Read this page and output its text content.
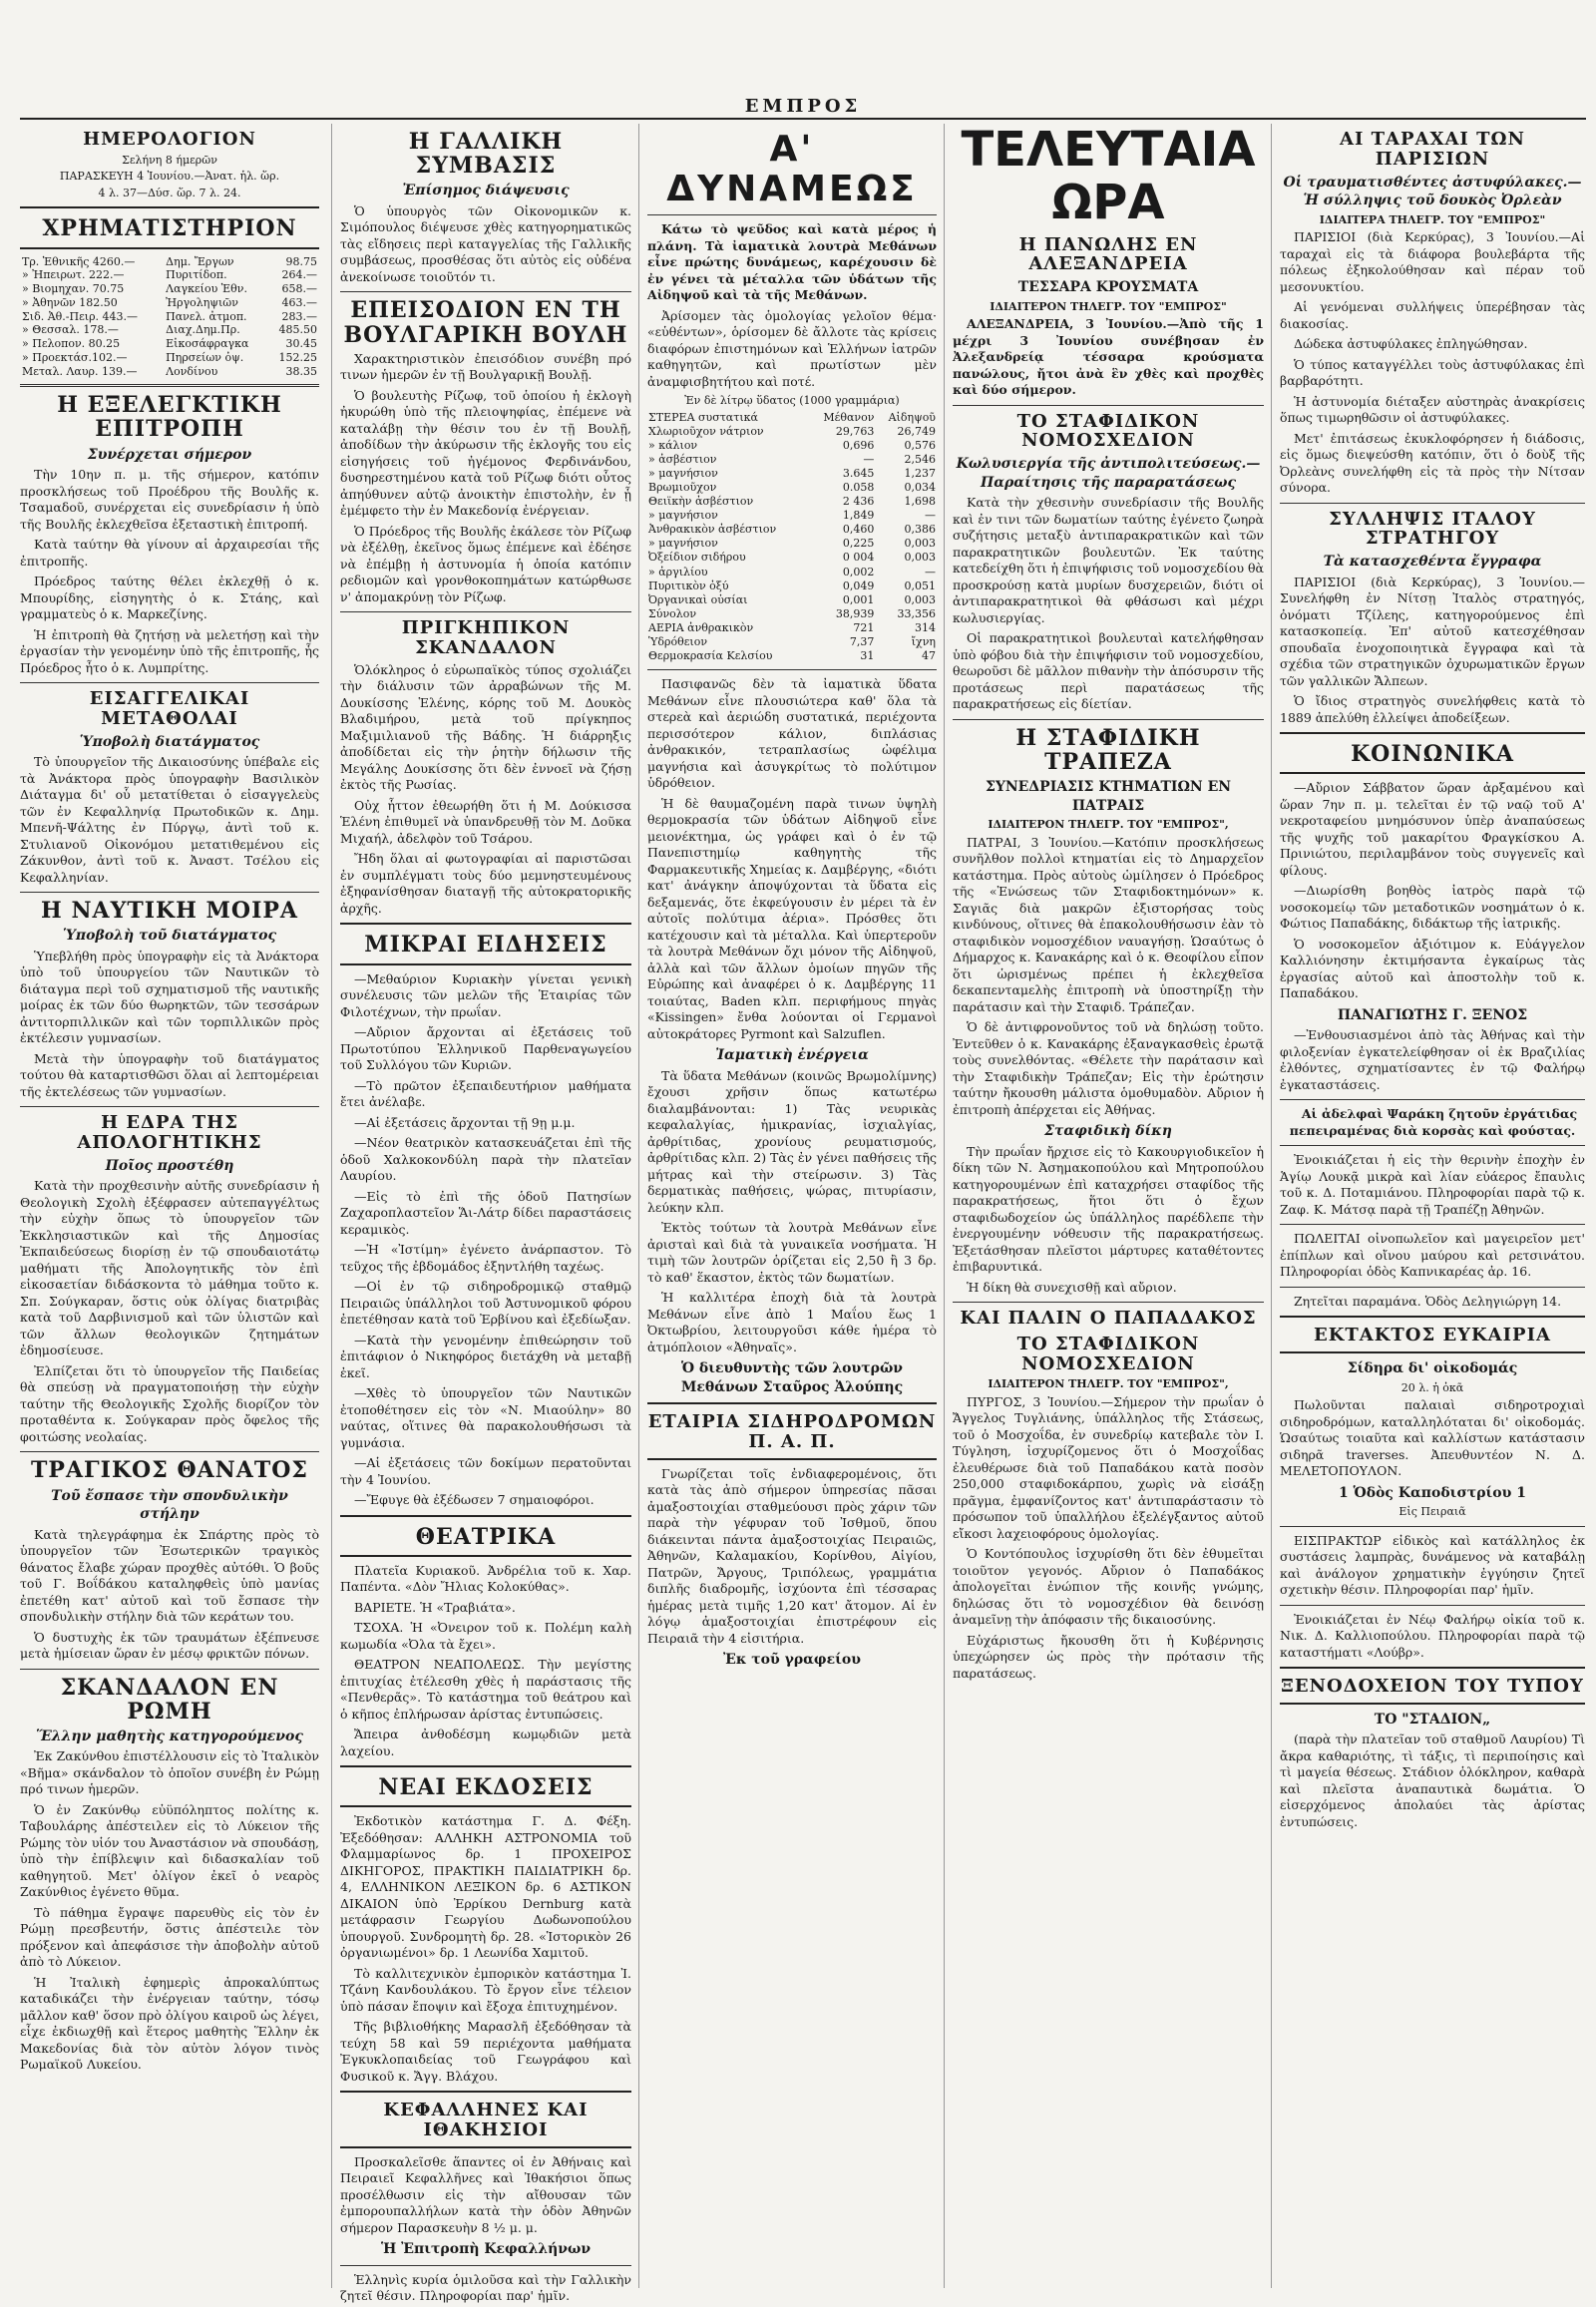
ΕΜΠΡΟΣ
ΗΜΕΡΟΛΟΓΙΟΝ
Σελήνη 8 ήμερῶν
ΠΑΡΑΣΚΕΥΗ 4 Ἰουνίου.—Ἀνατ. ἡλ. ὥρ.
4 λ. 37—Δύσ. ὥρ. 7 λ. 24.
ΧΡΗΜΑΤΙΣΤΗΡΙΟΝ
Τρ. Ἐθνικῆς 4260.—	Δημ. Ἔργων	98.75
» Ἠπειρωτ. 222.—	Πυριτίδοπ.	264.—
» Βιομηχαν. 70.75	Λαγκείου Ἐθν.	658.—
» Ἀθηνῶν 182.50	Ἠργοληψιῶν	463.—
Σιδ. Ἀθ.-Πειρ. 443.—	Πανελ. ἀτμοπ.	283.—
» Θεσσαλ. 178.—	Διαχ.Δημ.Πρ.	485.50
» Πελοπον. 80.25	Εἰκοσάφραγκα	30.45
» Προεκτάσ.102.—	Πηρσείων ὀψ.	152.25
Μεταλ. Λαυρ. 139.—	Λονδίνου	38.35
Η ΕΞΕΛΕΓΚΤΙΚΗ ΕΠΙΤΡΟΠΗ
Συνέρχεται σήμερον

Τὴν 10ην π. μ. τῆς σήμερον, κατόπιν προσκλήσεως τοῦ Προέδρου τῆς Βουλῆς κ. Τσαμαδοῦ, συνέρχεται εἰς συνεδρίασιν ἡ ὑπὸ τῆς Βουλῆς ἐκλεχθεῖσα ἐξεταστικὴ ἐπιτροπή.

Κατὰ ταύτην θὰ γίνουν αἱ ἀρχαιρεσίαι τῆς ἐπιτροπῆς.

Πρόεδρος ταύτης θέλει ἐκλεχθῇ ὁ κ. Μπουρίδης, εἰσηγητὴς ὁ κ. Στάης, καὶ γραμματεὺς ὁ κ. Μαρκεζίνης.

Ἡ ἐπιτροπὴ θὰ ζητήσῃ νὰ μελετήσῃ καὶ τὴν ἐργασίαν τὴν γενομένην ὑπὸ τῆς ἐπιτροπῆς, ἧς Πρόεδρος ἦτο ὁ κ. Λυμπρίτης.

ΕΙΣΑΓΓΕΛΙΚΑΙ ΜΕΤΑΘΟΛΑΙ
Ὑποβολὴ διατάγματος

Τὸ ὑπουργεῖον τῆς Δικαιοσύνης ὑπέβαλε εἰς τὰ Ἀνάκτορα πρὸς ὑπογραφὴν Βασιλικὸν Διάταγμα δι' οὗ μετατίθεται ὁ εἰσαγγελεὺς τῶν ἐν Κεφαλληνίᾳ Πρωτοδικῶν κ. Δημ. Μπενῆ-Ψάλτης ἐν Πύργῳ, ἀντὶ τοῦ κ. Στυλιανοῦ Οἰκονόμου μετατιθεμένου εἰς Ζάκυνθον, ἀντὶ τοῦ κ. Ἀναστ. Τσέλου εἰς Κεφαλληνίαν.

Η ΝΑΥΤΙΚΗ ΜΟΙΡΑ
Ὑποβολὴ τοῦ διατάγματος

Ὑπεβλήθη πρὸς ὑπογραφὴν εἰς τὰ Ἀνάκτορα ὑπὸ τοῦ ὑπουργείου τῶν Ναυτικῶν τὸ διάταγμα περὶ τοῦ σχηματισμοῦ τῆς ναυτικῆς μοίρας ἐκ τῶν δύο θωρηκτῶν, τῶν τεσσάρων ἀντιτορπιλλικῶν καὶ τῶν τορπιλλικῶν πρὸς ἐκτέλεσιν γυμνασίων.

Μετὰ τὴν ὑπογραφὴν τοῦ διατάγματος τούτου θὰ καταρτισθῶσι ὅλαι αἱ λεπτομέρειαι τῆς ἐκτελέσεως τῶν γυμνασίων.

Η ΕΔΡΑ ΤΗΣ ΑΠΟΛΟΓΗΤΙΚΗΣ
Ποῖος προστέθη

Κατὰ τὴν προχθεσινὴν αὐτῆς συνεδρίασιν ἡ Θεολογικὴ Σχολὴ ἐξέφρασεν αὐτεπαγγέλτως τὴν εὐχὴν ὅπως τὸ ὑπουργεῖον τῶν Ἐκκλησιαστικῶν καὶ τῆς Δημοσίας Ἐκπαιδεύσεως διορίσῃ ἐν τῷ σπουδαιοτάτῳ μαθήματι τῆς Ἀπολογητικῆς τὸν ἐπὶ εἰκοσαετίαν διδάσκοντα τὸ μάθημα τοῦτο κ. Σπ. Σούγκαραν, ὅστις οὐκ ὀλίγας διατριβὰς κατὰ τοῦ Δαρβινισμοῦ καὶ τῶν ὑλιστῶν καὶ τῶν ἄλλων θεολογικῶν ζητημάτων ἐδημοσίευσε.

Ἐλπίζεται ὅτι τὸ ὑπουργεῖον τῆς Παιδείας θὰ σπεύσῃ νὰ πραγματοποιήσῃ τὴν εὐχὴν ταύτην τῆς Θεολογικῆς Σχολῆς διορίζον τὸν προταθέντα κ. Σούγκαραν πρὸς ὄφελος τῆς φοιτώσης νεολαίας.

ΤΡΑΓΙΚΟΣ ΘΑΝΑΤΟΣ
Τοῦ ἔσπασε τὴν σπονδυλικὴν στήλην

Κατὰ τηλεγράφημα ἐκ Σπάρτης πρὸς τὸ ὑπουργεῖον τῶν Ἐσωτερικῶν τραγικὸς θάνατος ἔλαβε χώραν προχθὲς αὐτόθι. Ὁ βοῦς τοῦ Γ. Βοΐδάκου καταληφθεὶς ὑπὸ μανίας ἐπετέθη κατ' αὐτοῦ καὶ τοῦ ἔσπασε τὴν σπονδυλικὴν στήλην διὰ τῶν κεράτων του.

Ὁ δυστυχὴς ἐκ τῶν τραυμάτων ἐξέπνευσε μετὰ ἡμίσειαν ὥραν ἐν μέσῳ φρικτῶν πόνων.

ΣΚΑΝΔΑΛΟΝ ΕΝ ΡΩΜΗ
Ἕλλην μαθητὴς κατηγορούμενος

Ἐκ Ζακύνθου ἐπιστέλλουσιν εἰς τὸ Ἰταλικὸν «Βῆμα» σκάνδαλον τὸ ὁποῖον συνέβη ἐν Ρώμῃ πρό τινων ἡμερῶν.

Ὁ ἐν Ζακύνθῳ εὐϋπόληπτος πολίτης κ. Ταβουλάρης ἀπέστειλεν εἰς τὸ Λύκειον τῆς Ρώμης τὸν υἱόν του Ἀναστάσιον νὰ σπουδάσῃ, ὑπὸ τὴν ἐπίβλεψιν καὶ διδασκαλίαν τοῦ καθηγητοῦ. Μετ' ὀλίγον ἐκεῖ ὁ νεαρὸς Ζακύνθιος ἐγένετο θῦμα.

Τὸ πάθημα ἔγραψε παρευθὺς εἰς τὸν ἐν Ρώμῃ πρεσβευτήν, ὅστις ἀπέστειλε τὸν πρόξενον καὶ ἀπεφάσισε τὴν ἀποβολὴν αὐτοῦ ἀπὸ τὸ Λύκειον.

Ἡ Ἰταλικὴ ἐφημερὶς ἀπροκαλύπτως καταδικάζει τὴν ἐνέργειαν ταύτην, τόσῳ μᾶλλον καθ' ὅσον πρὸ ὀλίγου καιροῦ ὡς λέγει, εἶχε ἐκδιωχθῇ καὶ ἕτερος μαθητὴς Ἕλλην ἐκ Μακεδονίας διὰ τὸν αὐτὸν λόγον τινὸς Ρωμαϊκοῦ Λυκείου.

Η ΓΑΛΛΙΚΗ ΣΥΜΒΑΣΙΣ
Ἐπίσημος διάψευσις

Ὁ ὑπουργὸς τῶν Οἰκονομικῶν κ. Σιμόπουλος διέψευσε χθὲς κατηγορηματικῶς τὰς εἴδησεις περὶ καταγγελίας τῆς Γαλλικῆς συμβάσεως, προσθέσας ὅτι αὐτὸς εἰς οὐδένα ἀνεκοίνωσε τοιοῦτόν τι.

ΕΠΕΙΣΟΔΙΟΝ ΕΝ ΤΗ ΒΟΥΛΓΑΡΙΚΗ ΒΟΥΛΗ

Χαρακτηριστικὸν ἐπεισόδιον συνέβη πρό τινων ἡμερῶν ἐν τῇ Βουλγαρικῇ Βουλῇ.

Ὁ βουλευτὴς Ρίζωφ, τοῦ ὁποίου ἡ ἐκλογὴ ἠκυρώθη ὑπὸ τῆς πλειοψηφίας, ἐπέμενε νὰ καταλάβῃ τὴν θέσιν του ἐν τῇ Βουλῇ, ἀποδίδων τὴν ἀκύρωσιν τῆς ἐκλογῆς του εἰς εἰσηγήσεις τοῦ ἠγέμονος Φερδινάνδου, δυσηρεστημένου κατὰ τοῦ Ρίζωφ διότι οὗτος ἀπηύθυνεν αὐτῷ ἀνοικτὴν ἐπιστολὴν, ἐν ᾗ ἐμέμφετο τὴν ἐν Μακεδονίᾳ ἐνέργειαν.

Ὁ Πρόεδρος τῆς Βουλῆς ἐκάλεσε τὸν Ρίζωφ νὰ ἐξέλθῃ, ἐκεῖνος ὅμως ἐπέμενε καὶ ἐδέησε νὰ ἐπέμβῃ ἡ ἀστυνομία ἡ ὁποία κατόπιν ρεδιομῶν καὶ γρονθοκοπημάτων κατώρθωσε ν' ἀπομακρύνῃ τὸν Ρίζωφ.

ΠΡΙΓΚΗΠΙΚΟΝ ΣΚΑΝΔΑΛΟΝ

Ὁλόκληρος ὁ εὐρωπαϊκὸς τύπος σχολιάζει τὴν διάλυσιν τῶν ἀρραβώνων τῆς Μ. Δουκίσσης Ἑλένης, κόρης τοῦ Μ. Δουκὸς Βλαδιμήρου, μετὰ τοῦ πρίγκηπος Μαξιμιλιανοῦ τῆς Βάδης. Ἡ διάρρηξις ἀποδίδεται εἰς τὴν ῥητὴν δήλωσιν τῆς Μεγάλης Δουκίσσης ὅτι δὲν ἐννοεῖ νὰ ζήσῃ ἐκτὸς τῆς Ρωσίας.

Οὐχ ἧττον ἐθεωρήθη ὅτι ἡ Μ. Δούκισσα Ἑλένη ἐπιθυμεῖ νὰ ὑπανδρευθῇ τὸν Μ. Δοῦκα Μιχαήλ, ἀδελφὸν τοῦ Τσάρου.

Ἤδη ὅλαι αἱ φωτογραφίαι αἱ παριστῶσαι ἐν συμπλέγματι τοὺς δύο μεμνηστευμένους ἐξηφανίσθησαν διαταγῇ τῆς αὐτοκρατορικῆς ἀρχῆς.

ΜΙΚΡΑΙ ΕΙΔΗΣΕΙΣ

—Μεθαύριον Κυριακὴν γίνεται γενικὴ συνέλευσις τῶν μελῶν τῆς Ἑταιρίας τῶν Φιλοτέχνων, τὴν πρωΐαν.

—Αὔριον ἄρχονται αἱ ἐξετάσεις τοῦ Πρωτοτύπου Ἑλληνικοῦ Παρθεναγωγείου τοῦ Συλλόγου τῶν Κυριῶν.

—Τὸ πρῶτον ἐξεπαιδευτήριον μαθήματα ἔτει ἀνέλαβε.

—Αἱ ἐξετάσεις ἄρχονται τῇ 9ῃ μ.μ.

—Νέον θεατρικὸν κατασκευάζεται ἐπὶ τῆς ὁδοῦ Χαλκοκονδύλη παρὰ τὴν πλατεῖαν Λαυρίου.

—Εἰς τὸ ἐπὶ τῆς ὁδοῦ Πατησίων Ζαχαροπλαστεῖον Ἅι-Λάτρ δίδει παραστάσεις κεραμικὸς.

—Ἡ «Ἰστίμη» ἐγένετο ἀνάρπαστον. Τὸ τεῦχος τῆς ἐβδομάδος ἐξηντλήθη ταχέως.

—Οἱ ἐν τῷ σιδηροδρομικῷ σταθμῷ Πειραιῶς ὑπάλληλοι τοῦ Ἀστυνομικοῦ φόρου ἐπετέθησαν κατὰ τοῦ Ἐρβίνου καὶ ἐξεδίωξαν.

—Κατὰ τὴν γενομένην ἐπιθεώρησιν τοῦ ἐπιτάφιον ὁ Νικηφόρος διετάχθη νὰ μεταβῇ ἐκεῖ.

—Χθὲς τὸ ὑπουργεῖον τῶν Ναυτικῶν ἐτοποθέτησεν εἰς τὸν «Ν. Μιαούλην» 80 ναύτας, οἵτινες θὰ παρακολουθήσωσι τὰ γυμνάσια.

—Αἱ ἐξετάσεις τῶν δοκίμων περατοῦνται τὴν 4 Ἰουνίου.

—Ἔφυγε θὰ ἐξέδωσεν 7 σημαιοφόροι.

ΘΕΑΤΡΙΚΑ

Πλατεῖα Κυριακοῦ. Ἀνδρέλια τοῦ κ. Χαρ. Παπέντα. «Δὸν Ἤλιας Κολοκύθας».

ΒΑΡΙΕΤΕ. Ἡ «Τραβιάτα».

ΤΣΟΧΑ. Ἡ «Ὀνειρον τοῦ κ. Πολέμη καλὴ κωμωδία «Ὀλα τὰ ἔχει».

ΘΕΑΤΡΟΝ ΝΕΑΠΟΛΕΩΣ. Τὴν μεγίστης ἐπιτυχίας ἐτέλεσθη χθὲς ἡ παράστασις τῆς «Πενθερᾶς». Τὸ κατάστημα τοῦ θεάτρου καὶ ὁ κῆπος ἐπλήρωσαν ἀρίστας ἐντυπώσεις.

Ἄπειρα ἀνθοδέσμη κωμῳδιῶν μετὰ λαχείου.

ΝΕΑΙ ΕΚΔΟΣΕΙΣ

Ἐκδοτικὸν κατάστημα Γ. Δ. Φέξη. Ἐξεδόθησαν: ΑΛΛΗΚΗ ΑΣΤΡΟΝΟΜΙΑ τοῦ Φλαμμαρίωνος δρ. 1 ΠΡΟΧΕΙΡΟΣ ΔΙΚΗΓΟΡΟΣ, ΠΡΑΚΤΙΚΗ ΠΑΙΔΙΑΤΡΙΚΗ δρ. 4, ΕΛΛΗΝΙΚΟΝ ΛΕΞΙΚΟΝ δρ. 6 ΑΣΤΙΚΟΝ ΔΙΚΑΙΟΝ ὑπὸ Ἐρρίκου Dernburg κατὰ μετάφρασιν Γεωργίου Δωδωνοπούλου ὑπουργοῦ. Συνδρομητὴ δρ. 28. «Ἱστορικὸν 26 ὀργανιωμένοι» δρ. 1 Λεωνίδα Χαμιτοῦ.

Τὸ καλλιτεχνικὸν ἐμπορικὸν κατάστημα Ἰ. Τζάνη Κανδουλάκου. Τὸ ἔργον εἶνε τέλειον ὑπὸ πάσαν ἔποψιν καὶ ἔξοχα ἐπιτυχημένον.

Τῆς βιβλιοθήκης Μαρασλῆ ἐξεδόθησαν τὰ τεύχη 58 καὶ 59 περιέχοντα μαθήματα Ἐγκυκλοπαιδείας τοῦ Γεωγράφου καὶ Φυσικοῦ κ. Ἄγγ. Βλάχου.

ΚΕΦΑΛΛΗΝΕΣ ΚΑΙ ΙΘΑΚΗΣΙΟΙ

Προσκαλεῖσθε ἅπαντες οἱ ἐν Ἀθήναις καὶ Πειραιεῖ Κεφαλλῆνες καὶ Ἰθακήσιοι ὅπως προσέλθωσιν εἰς τὴν αἴθουσαν τῶν ἐμπορουπαλλήλων κατὰ τὴν ὁδὸν Ἀθηνῶν σήμερον Παρασκευὴν 8 ½ μ. μ.

Ἡ Ἐπιτροπὴ Κεφαλλήνων

Ἑλληνὶς κυρία ὁμιλοῦσα καὶ τὴν Γαλλικὴν ζητεῖ θέσιν. Πληροφορίαι παρ' ἡμῖν.

Α' ΔΥΝΑΜΕΩΣ

Κάτω τὸ ψεῦδος καὶ κατὰ μέρος ἡ πλάνη. Τὰ ἰαματικὰ λουτρὰ Μεθάνων εἶνε πρώτης δυνάμεως, καρέχουσιν δὲ ἐν γένει τὰ μέταλλα τῶν ὑδάτων τῆς Αἰδηψοῦ καὶ τὰ τῆς Μεθάνων.

Ἀρίσομεν τὰς ὁμολογίας γελοῖον θέμα· «εὑθέντων», ὁρίσομεν δὲ ἄλλοτε τὰς κρίσεις διαφόρων ἐπιστημόνων καὶ Ἑλλήνων ἰατρῶν καθηγητῶν, καὶ πρωτίστων μὲν ἀναμφισβητήτου καὶ ποτέ.

Ἐν δὲ λίτρῳ ὕδατος (1000 γραμμάρια)
ΣΤΕΡΕΑ συστατικά	Μέθανον	Αἰδηψοῦ
Χλωριοῦχον νάτριον	29,763	26,749
» κάλιον	0,696	0,576
» ἀσβέστιον	—	2,546
» μαγνήσιον	3.645	1,237
Βρωμιοῦχον	0.058	0,034
Θειϊκὴν ἀσβέστιον	2 436	1,698
» μαγνήσιον	1,849	—
Ἀνθρακικὸν ἀσβέστιον	0,460	0,386
» μαγνήσιον	0,225	0,003
Ὀξείδιον σιδήρου	0 004	0,003
» ἀργιλίου	0,002	—
Πυριτικὸν ὀξύ	0,049	0,051
Ὀργανικαὶ οὐσίαι	0,001	0,003
Σύνολον	38,939	33,356
ΑΕΡΙΑ ἀνθρακικὸν	721	314
Ὑδρόθειον	7,37	ἴχνη
Θερμοκρασία Κελσίου	31	47

Πασιφανῶς δὲν τὰ ἰαματικὰ ὕδατα Μεθάνων εἶνε πλουσιώτερα καθ' ὅλα τὰ στερεὰ καὶ ἀεριώδη συστατικά, περιέχοντα περισσότερον κάλιον, διπλάσιας ἀνθρακικόν, τετραπλασίως ὠφέλιμα μαγνήσια καὶ ἀσυγκρίτως τὸ πολύτιμον ὑδρόθειον.

Ἡ δὲ θαυμαζομένη παρὰ τινων ὑψηλὴ θερμοκρασία τῶν ὑδάτων Αἰδηψοῦ εἶνε μειονέκτημα, ὡς γράφει καὶ ὁ ἐν τῷ Πανεπιστημίῳ καθηγητὴς τῆς Φαρμακευτικῆς Χημείας κ. Δαμβέργης, «διότι κατ' ἀνάγκην ἀποψύχονται τὰ ὕδατα εἰς δεξαμενάς, ὅτε ἐκφεύγουσιν ἐν μέρει τὰ ἐν αὐτοῖς πολύτιμα ἀέρια». Πρόσθες ὅτι κατέχουσιν καὶ τὰ μέταλλα. Καὶ ὑπερτεροῦν τὰ λουτρὰ Μεθάνων ὄχι μόνον τῆς Αἰδηψοῦ, ἀλλὰ καὶ τῶν ἄλλων ὁμοίων πηγῶν τῆς Εὐρώπης καὶ ἀναφέρει ὁ κ. Δαμβέργης 11 τοιαύτας, Baden κλπ. περιφήμους πηγὰς «Kissingen» ἔνθα λούονται οἱ Γερμανοὶ αὐτοκράτορες Pyrmont καὶ Salzuflen.

Ἰαματικὴ ἐνέργεια

Τὰ ὕδατα Μεθάνων (κοινῶς Βρωμολίμνης) ἔχουσι χρῆσιν ὅπως κατωτέρω διαλαμβάνονται: 1) Τὰς νευρικὰς κεφαλαλγίας, ἡμικρανίας, ἰσχιαλγίας, ἀρθρίτιδας, χρονίους ρευματισμούς, ἀρθρίτιδας κλπ. 2) Τὰς ἐν γένει παθήσεις τῆς μήτρας καὶ τὴν στείρωσιν. 3) Τὰς δερματικὰς παθήσεις, ψώρας, πιτυρίασιν, λεύκην κλπ.

Ἐκτὸς τούτων τὰ λουτρὰ Μεθάνων εἶνε ἀρισταὶ καὶ διὰ τὰ γυναικεῖα νοσήματα. Ἡ τιμὴ τῶν λουτρῶν ὁρίζεται εἰς 2,50 ἢ 3 δρ. τὸ καθ' ἕκαστον, ἐκτὸς τῶν δωματίων.

Ἡ καλλιτέρα ἐποχὴ διὰ τὰ λουτρὰ Μεθάνων εἶνε ἀπὸ 1 Μαΐου ἕως 1 Ὀκτωβρίου, λειτουργοῦσι κάθε ἡμέρα τὸ ἀτμόπλοιον «Ἀθηναῖς».

Ὁ διευθυντὴς τῶν λουτρῶν Μεθάνων Σταῦρος Ἀλούπης
ΕΤΑΙΡΙΑ ΣΙΔΗΡΟΔΡΟΜΩΝ Π. Α. Π.

Γνωρίζεται τοῖς ἐνδιαφερομένοις, ὅτι κατὰ τὰς ἀπὸ σήμερον ὑπηρεσίας πᾶσαι ἀμαξοστοιχίαι σταθμεύουσι πρὸς χάριν τῶν παρὰ τὴν γέφυραν τοῦ Ἰσθμοῦ, ὅπου διάκεινται πάντα ἀμαξοστοιχίας Πειραιῶς, Ἀθηνῶν, Καλαμακίου, Κορίνθου, Αἰγίου, Πατρῶν, Ἄργους, Τριπόλεως, γραμμάτια διπλῆς διαδρομῆς, ἰσχύοντα ἐπὶ τέσσαρας ἡμέρας μετὰ τιμῆς 1,20 κατ' ἄτομον. Αἱ ἐν λόγῳ ἀμαξοστοιχίαι ἐπιστρέφουν εἰς Πειραιᾶ τὴν 4 εἰσιτήρια.

Ἐκ τοῦ γραφείου
ΤΕΛΕΥΤΑΙΑ ΩΡΑ
Η ΠΑΝΩΛΗΣ ΕΝ ΑΛΕΞΑΝΔΡΕΙΑ
ΤΕΣΣΑΡΑ ΚΡΟΥΣΜΑΤΑ
ΙΔΙΑΙΤΕΡΟΝ ΤΗΛΕΓΡ. ΤΟΥ "ΕΜΠΡΟΣ"

ΑΛΕΞΑΝΔΡΕΙΑ, 3 Ἰουνίου.—Ἀπὸ τῆς 1 μέχρι 3 Ἰουνίου συνέβησαν ἐν Ἀλεξανδρείᾳ τέσσαρα κρούσματα πανώλους, ἤτοι ἀνὰ ἓν χθὲς καὶ προχθὲς καὶ δύο σήμερον.

ΤΟ ΣΤΑΦΙΔΙΚΟΝ ΝΟΜΟΣΧΕΔΙΟΝ
Κωλυσιεργία τῆς ἀντιπολιτεύσεως.—Παραίτησις τῆς παραρατάσεως

Κατὰ τὴν χθεσινὴν συνεδρίασιν τῆς Βουλῆς καὶ ἐν τινι τῶν δωματίων ταύτης ἐγένετο ζωηρὰ συζήτησις μεταξὺ ἀντιπαρακρατικῶν καὶ τῶν παρακρατητικῶν βουλευτῶν. Ἐκ ταύτης κατεδείχθη ὅτι ἡ ἐπιψήφισις τοῦ νομοσχεδίου θὰ προσκρούσῃ κατὰ μυρίων δυσχερειῶν, διότι οἱ ἀντιπαρακρατητικοὶ θὰ φθάσωσι καὶ μέχρι κωλυσιεργίας.

Οἱ παρακρατητικοὶ βουλευταὶ κατελήφθησαν ὑπὸ φόβου διὰ τὴν ἐπιψήφισιν τοῦ νομοσχεδίου, θεωροῦσι δὲ μᾶλλον πιθανὴν τὴν ἀπόσυρσιν τῆς προτάσεως περὶ παρατάσεως τῆς παρακρατήσεως εἰς δίετίαν.

Η ΣΤΑΦΙΔΙΚΗ ΤΡΑΠΕΖΑ
ΣΥΝΕΔΡΙΑΣΙΣ ΚΤΗΜΑΤΙΩΝ ΕΝ ΠΑΤΡΑΙΣ
ΙΔΙΑΙΤΕΡΟΝ ΤΗΛΕΓΡ. ΤΟΥ "ΕΜΠΡΟΣ",

ΠΑΤΡΑΙ, 3 Ἰουνίου.—Κατόπιν προσκλήσεως συνῆλθον πολλοὶ κτηματίαι εἰς τὸ Δημαρχεῖον κατάστημα. Πρὸς αὐτοὺς ὡμίλησεν ὁ Πρόεδρος τῆς «Ἑνώσεως τῶν Σταφιδοκτημόνων» κ. Σαγιᾶς διὰ μακρῶν ἐξιστορήσας τοὺς κινδύνους, οἵτινες θὰ ἐπακολουθήσωσιν ἐὰν τὸ σταφιδικὸν νομοσχέδιον ναυαγήσῃ. Ὡσαύτως ὁ Δήμαρχος κ. Κανακάρης καὶ ὁ κ. Θεοφίλου εἶπον ὅτι ὡρισμένως πρέπει ἡ ἐκλεχθεῖσα δεκαπενταμελὴς ἐπιτροπὴ νὰ ὑποστηρίξῃ τὴν παράτασιν καὶ τὴν Σταφιδ. Τράπεζαν.

Ὁ δὲ ἀντιφρονοῦντος τοῦ νὰ δηλώσῃ τοῦτο. Ἐντεῦθεν ὁ κ. Κανακάρης ἐξαναγκασθεὶς ἐρωτᾷ τοὺς συνελθόντας. «Θέλετε τὴν παράτασιν καὶ τὴν Σταφιδικὴν Τράπεζαν; Εἰς τὴν ἐρώτησιν ταύτην ἤκουσθη μάλιστα ὁμοθυμαδὸν. Αὔριον ἡ ἐπιτροπὴ ἀπέρχεται εἰς Ἀθήνας.

Σταφιδικὴ δίκη

Τὴν πρωΐαν ἤρχισε εἰς τὸ Κακουργιοδικεῖον ἡ δίκη τῶν Ν. Ἀσημακοπούλου καὶ Μητροπούλου κατηγορουμένων ἐπὶ καταχρήσει σταφίδος τῆς παρακρατήσεως, ἥτοι ὅτι ὁ ἔχων σταφιδωδοχείον ὡς ὑπάλληλος παρέδλεπε τὴν ἐνεργουμένην νόθευσιν τῆς παρακρατήσεως. Ἐξετάσθησαν πλεῖστοι μάρτυρες καταθέτοντες ἐπιβαρυντικά.

Ἡ δίκη θὰ συνεχισθῇ καὶ αὔριον.

ΚΑΙ ΠΑΛΙΝ Ο ΠΑΠΑΔΑΚΟΣ
ΤΟ ΣΤΑΦΙΔΙΚΟΝ ΝΟΜΟΣΧΕΔΙΟΝ
ΙΔΙΑΙΤΕΡΟΝ ΤΗΛΕΓΡ. ΤΟΥ "ΕΜΠΡΟΣ",

ΠΥΡΓΟΣ, 3 Ἰουνίου.—Σήμερον τὴν πρωΐαν ὁ Ἄγγελος Τυγλιάνης, ὑπάλληλος τῆς Στάσεως, τοῦ ὁ Μοσχοΐδα, ἐν συνεδρίῳ κατεβαλε τὸν Ι. Τύγληση, ἰσχυρίζομενος ὅτι ὁ Μοσχοΐδας ἐλευθέρωσε διὰ τοῦ Παπαδάκου κατὰ ποσὸν 250,000 σταφιδοκάρπου, χωρὶς νὰ εἰσάξῃ πρᾶγμα, ἐμφανίζοντος κατ' ἀντιπαράστασιν τὸ πρόσωπον τοῦ ὑπαλλήλου ἐξελέγξαντος αὐτοῦ εἴκοσι λαχειοφόρους ὁμολογίας.

Ὁ Κοντόπουλος ἰσχυρίσθη ὅτι δὲν ἐθυμεῖται τοιοῦτον γεγονός. Αὔριον ὁ Παπαδάκος ἀπολογεῖται ἐνώπιον τῆς κοινῆς γνώμης, δηλώσας ὅτι τὸ νομοσχέδιον θὰ δεινόσῃ ἀναμεῖνῃ τὴν ἀπόφασιν τῆς δικαιοσύνης.

Εὐχάριστως ἤκουσθη ὅτι ἡ Κυβέρνησις ὑπεχώρησεν ὡς πρὸς τὴν πρότασιν τῆς παρατάσεως.

ΑΙ ΤΑΡΑΧΑΙ ΤΩΝ ΠΑΡΙΣΙΩΝ
Οἱ τραυματισθέντες ἀστυφύλακες.—Ἡ σύλληψις τοῦ δουκὸς Ὀρλεὰν
ΙΔΙΑΙΤΕΡΑ ΤΗΛΕΓΡ. ΤΟΥ "ΕΜΠΡΟΣ"

ΠΑΡΙΣΙΟΙ (διὰ Κερκύρας), 3 Ἰουνίου.—Αἱ ταραχαὶ εἰς τὰ διάφορα βουλεβάρτα τῆς πόλεως ἐξηκολούθησαν καὶ πέραν τοῦ μεσονυκτίου.

Αἱ γενόμεναι συλλήψεις ὑπερέβησαν τὰς διακοσίας.

Δώδεκα ἀστυφύλακες ἐπληγώθησαν.

Ὁ τύπος καταγγέλλει τοὺς ἀστυφύλακας ἐπὶ βαρβαρότητι.

Ἡ ἀστυνομία διέταξεν αὐστηρὰς ἀνακρίσεις ὅπως τιμωρηθῶσιν οἱ ἀστυφύλακες.

Μετ' ἐπιτάσεως ἐκυκλοφόρησεν ἡ διάδοσις, εἰς ὅμως διεψεύσθη κατόπιν, ὅτι ὁ δοὺξ τῆς Ὀρλεὰνς συνελήφθη εἰς τὰ πρὸς τὴν Νίτσαν σύνορα.

ΣΥΛΛΗΨΙΣ ΙΤΑΛΟΥ ΣΤΡΑΤΗΓΟΥ
Τὰ κατασχεθέντα ἔγγραφα

ΠΑΡΙΣΙΟΙ (διὰ Κερκύρας), 3 Ἰουνίου.— Συνελήφθη ἐν Νίτσῃ Ἰταλὸς στρατηγός, ὀνόματι Τζίλεης, κατηγορούμενος ἐπὶ κατασκοπείᾳ. Ἐπ' αὐτοῦ κατεσχέθησαν σπουδαῖα ἐνοχοποιητικὰ ἔγγραφα καὶ τὰ σχέδια τῶν στρατηγικῶν ὀχυρωματικῶν ἔργων τῶν γαλλικῶν Ἄλπεων.

Ὁ ἴδιος στρατηγὸς συνελήφθεις κατὰ τὸ 1889 ἀπελύθη ἐλλείψει ἀποδείξεων.

ΚΟΙΝΩΝΙΚΑ

—Αὔριον Σάββατον ὥραν ἀρξαμένου καὶ ὥραν 7ην π. μ. τελεῖται ἐν τῷ ναῷ τοῦ Α' νεκροταφείου μνημόσυνον ὑπὲρ ἀναπαύσεως τῆς ψυχῆς τοῦ μακαρίτου Φραγκίσκου Α. Πρινιώτου, περιλαμβάνον τοὺς συγγενεῖς καὶ φίλους.

—Διωρίσθη βοηθὸς ἰατρὸς παρὰ τῷ νοσοκομείῳ τῶν μεταδοτικῶν νοσημάτων ὁ κ. Φώτιος Παπαδάκης, διδάκτωρ τῆς ἰατρικῆς.

Ὁ νοσοκομεῖον ἀξιότιμον κ. Εὐάγγελον Καλλιόνησην ἐκτιμήσαντα ἐγκαίρως τὰς ἐργασίας αὐτοῦ καὶ ἀποστολὴν τοῦ κ. Παπαδάκου.

ΠΑΝΑΓΙΩΤΗΣ Γ. ΞΕΝΟΣ

—Ἐνθουσιασμένοι ἀπὸ τὰς Ἀθήνας καὶ τὴν φιλοξενίαν ἐγκατελείφθησαν οἱ ἐκ Βραζιλίας ἐλθόντες, σχηματίσαντες ἐν τῷ Φαλήρῳ ἐγκαταστάσεις.

Αἱ ἀδελφαὶ Ψαράκη ζητοῦν ἐργάτιδας πεπειραμένας διὰ κορσὰς καὶ φούστας.

Ἐνοικιάζεται ἡ εἰς τὴν θερινὴν ἐποχὴν ἐν Ἁγίῳ Λουκᾷ μικρὰ καὶ λίαν εὐάερος ἔπαυλις τοῦ κ. Δ. Ποταμιάνου. Πληροφορίαι παρὰ τῷ κ. Ζαφ. Κ. Μάτσᾳ παρὰ τῇ Τραπέζῃ Ἀθηνῶν.

ΠΩΛΕΙΤΑΙ οἰνοπωλεῖον καὶ μαγειρεῖον μετ' ἐπίπλων καὶ οἴνου μαύρου καὶ ρετσινάτου. Πληροφορίαι ὁδὸς Καπνικαρέας ἀρ. 16.

Ζητεῖται παραμάνα. Ὁδὸς Δεληγιώργη 14.

ΕΚΤΑΚΤΟΣ ΕΥΚΑΙΡΙΑ
Σίδηρα δι' οἰκοδομάς
20 λ. ἡ ὀκᾶ

Πωλοῦνται παλαιαὶ σιδηροτροχιαὶ σιδηροδρόμων, καταλληλόταται δι' οἰκοδομάς. Ὡσαύτως τοιαῦτα καὶ καλλίστων κατάστασιν σιδηρᾶ traverses. Ἀπευθυντέον Ν. Δ. ΜΕΛΕΤΟΠΟΥΛΟΝ.

1 Ὁδὸς Καποδιστρίου 1
Εἰς Πειραιᾶ

ΕΙΣΠΡΑΚΤΩΡ εἰδικὸς καὶ κατάλληλος ἐκ συστάσεις λαμπρὰς, δυνάμενος νὰ καταβάλῃ καὶ ἀνάλογον χρηματικὴν ἐγγύησιν ζητεῖ σχετικὴν θέσιν. Πληροφορίαι παρ' ἡμῖν.

Ἐνοικιάζεται ἐν Νέῳ Φαλήρῳ οἰκία τοῦ κ. Νικ. Δ. Καλλιοπούλου. Πληροφορίαι παρὰ τῷ καταστήματι «Λούβρ».

ΞΕΝΟΔΟΧΕΙΟΝ ΤΟΥ ΤΥΠΟΥ
ΤΟ "ΣΤΑΔΙΟΝ„

(παρὰ τὴν πλατεῖαν τοῦ σταθμοῦ Λαυρίου) Τὶ ἄκρα καθαριότης, τὶ τάξις, τὶ περιποίησις καὶ τὶ μαγεία θέσεως. Στάδιον ὁλόκληρον, καθαρὰ καὶ πλεῖστα ἀναπαυτικὰ δωμάτια. Ὁ εἰσερχόμενος ἀπολαύει τὰς ἀρίστας ἐντυπώσεις.
